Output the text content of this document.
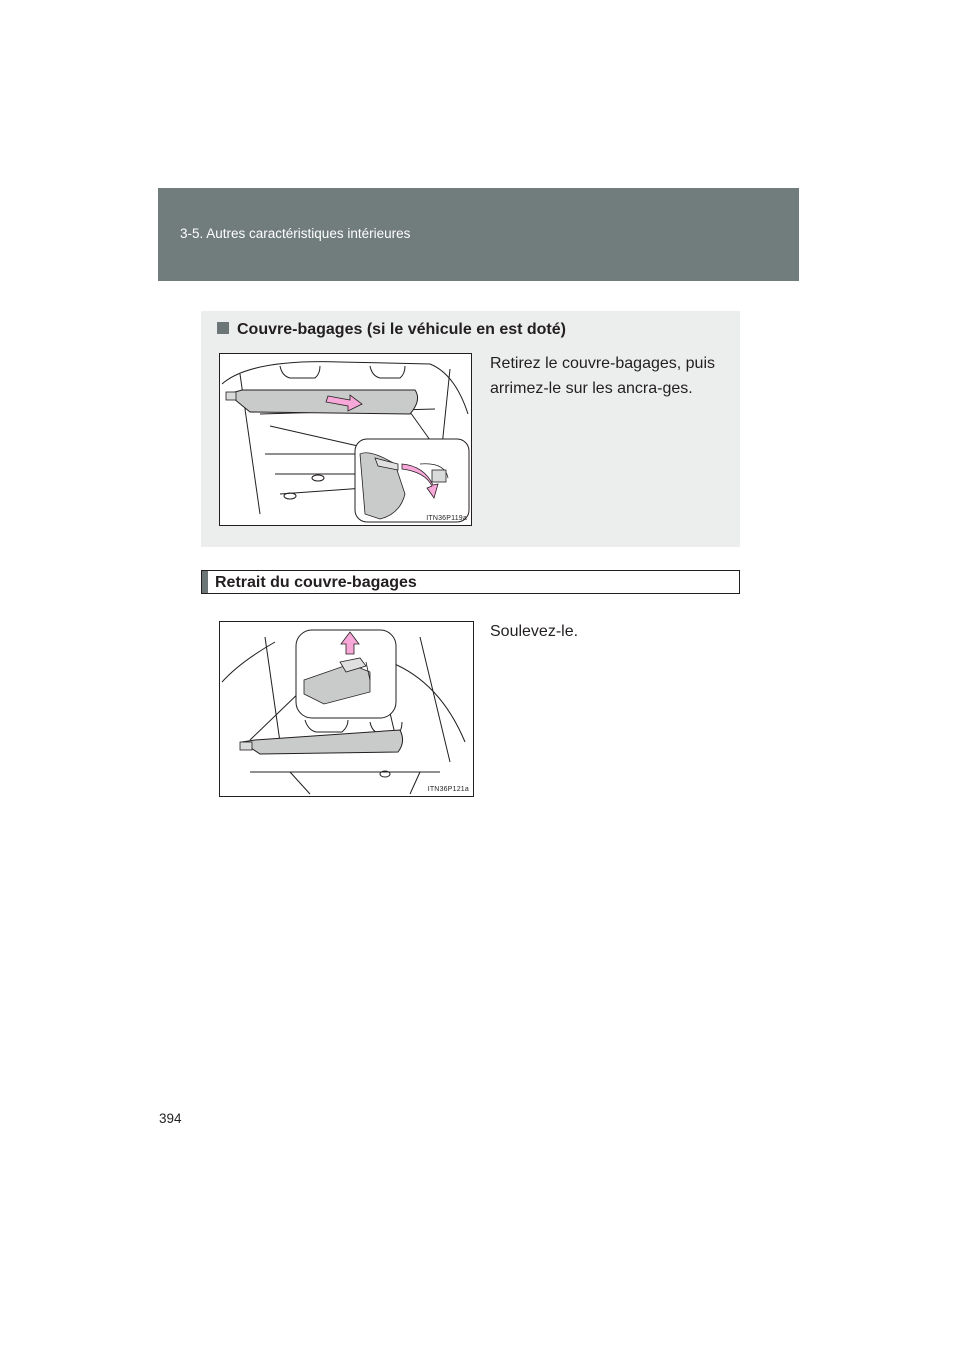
3-5. Autres caractéristiques intérieures
Couvre-bagages (si le véhicule en est doté)
ITN36P119a
Retirez le couvre-bagages, puis arrimez-le sur les ancra-ges.
Retrait du couvre-bagages
ITN36P121a
Soulevez-le.
394
